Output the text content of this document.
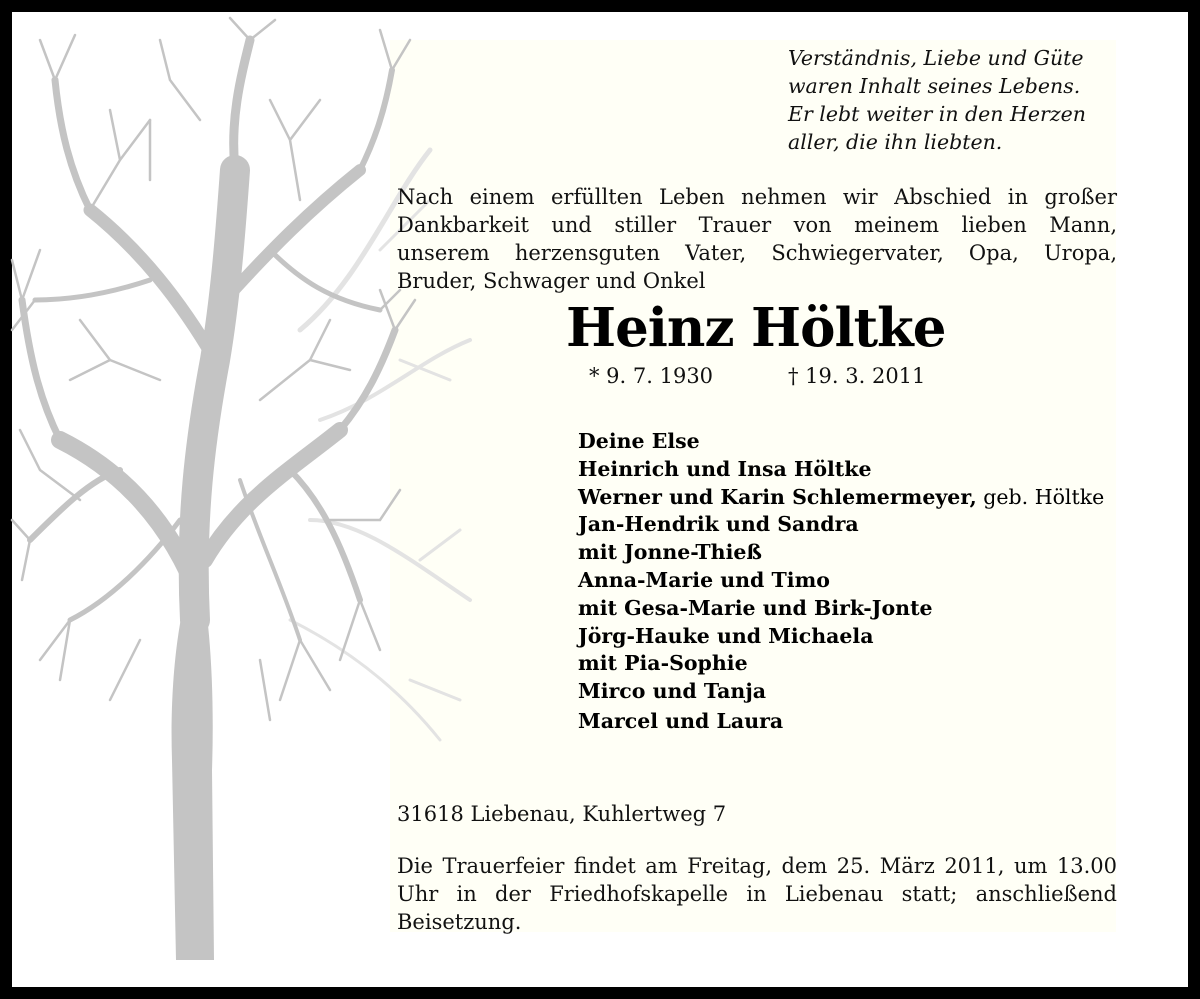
Verständnis, Liebe und Güte
waren Inhalt seines Lebens.
Er lebt weiter in den Herzen
aller, die ihn liebten.
Nach einem erfüllten Leben nehmen wir Abschied in großer
Dankbarkeit und stiller Trauer von meinem lieben Mann,
unserem herzensguten Vater, Schwiegervater, Opa, Uropa,
Bruder, Schwager und Onkel
Heinz Höltke
* 9. 7. 1930	† 19. 3. 2011
Deine Else
Heinrich und Insa Höltke
Werner und Karin Schlemermeyer, geb. Höltke
Jan-Hendrik und Sandra
mit Jonne-Thieß
Anna-Marie und Timo
mit Gesa-Marie und Birk-Jonte
Jörg-Hauke und Michaela
mit Pia-Sophie
Mirco und Tanja
Marcel und Laura
31618 Liebenau, Kuhlertweg 7
Die Trauerfeier findet am Freitag, dem 25. März 2011, um 13.00
Uhr in der Friedhofskapelle in Liebenau statt; anschließend
Beisetzung.
